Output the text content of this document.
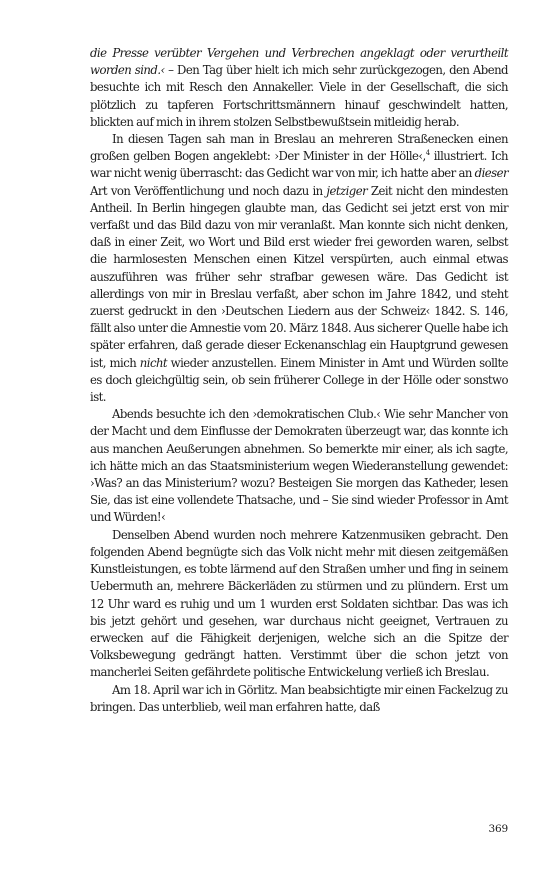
die Presse verübter Vergehen und Verbrechen angeklagt oder verurtheilt worden sind.‹ – Den Tag über hielt ich mich sehr zurückgezogen, den Abend besuchte ich mit Resch den Annakeller. Viele in der Gesellschaft, die sich plötzlich zu tapferen Fortschrittsmännern hinauf geschwindelt hatten, blickten auf mich in ihrem stolzen Selbstbewußtsein mitleidig herab.

In diesen Tagen sah man in Breslau an mehreren Straßenecken einen großen gelben Bogen angeklebt: ›Der Minister in der Hölle‹,$^4$ illustriert. Ich war nicht wenig überrascht: das Gedicht war von mir, ich hatte aber an dieser Art von Veröffentlichung und noch dazu in jetziger Zeit nicht den mindesten Antheil. In Berlin hingegen glaubte man, das Gedicht sei jetzt erst von mir verfaßt und das Bild dazu von mir veranlaßt. Man konnte sich nicht denken, daß in einer Zeit, wo Wort und Bild erst wieder frei geworden waren, selbst die harmlosesten Menschen einen Kitzel verspürten, auch einmal etwas auszuführen was früher sehr strafbar gewesen wäre. Das Gedicht ist allerdings von mir in Breslau verfaßt, aber schon im Jahre 1842, und steht zuerst gedruckt in den ›Deutschen Liedern aus der Schweiz‹ 1842. S. 146, fällt also unter die Amnestie vom 20. März 1848. Aus sicherer Quelle habe ich später erfahren, daß gerade dieser Eckenanschlag ein Hauptgrund gewesen ist, mich nicht wieder anzustellen. Einem Minister in Amt und Würden sollte es doch gleichgültig sein, ob sein früherer College in der Hölle oder sonstwo ist.

Abends besuchte ich den ›demokratischen Club.‹ Wie sehr Mancher von der Macht und dem Einflusse der Demokraten überzeugt war, das konnte ich aus manchen Aeußerungen abnehmen. So bemerkte mir einer, als ich sagte, ich hätte mich an das Staatsministerium wegen Wiederanstellung gewendet: ›Was? an das Ministerium? wozu? Besteigen Sie morgen das Katheder, lesen Sie, das ist eine vollendete Thatsache, und – Sie sind wieder Professor in Amt und Würden!‹

Denselben Abend wurden noch mehrere Katzenmusiken gebracht. Den folgenden Abend begnügte sich das Volk nicht mehr mit diesen zeitgemäßen Kunstleistungen, es tobte lärmend auf den Straßen umher und fing in seinem Uebermuth an, mehrere Bäckerläden zu stürmen und zu plündern. Erst um 12 Uhr ward es ruhig und um 1 wurden erst Soldaten sichtbar. Das was ich bis jetzt gehört und gesehen, war durchaus nicht geeignet, Vertrauen zu erwecken auf die Fähigkeit derjenigen, welche sich an die Spitze der Volksbewegung gedrängt hatten. Verstimmt über die schon jetzt von mancherlei Seiten gefährdete politische Entwickelung verließ ich Breslau.

Am 18. April war ich in Görlitz. Man beabsichtigte mir einen Fackelzug zu bringen. Das unterblieb, weil man erfahren hatte, daß

369
